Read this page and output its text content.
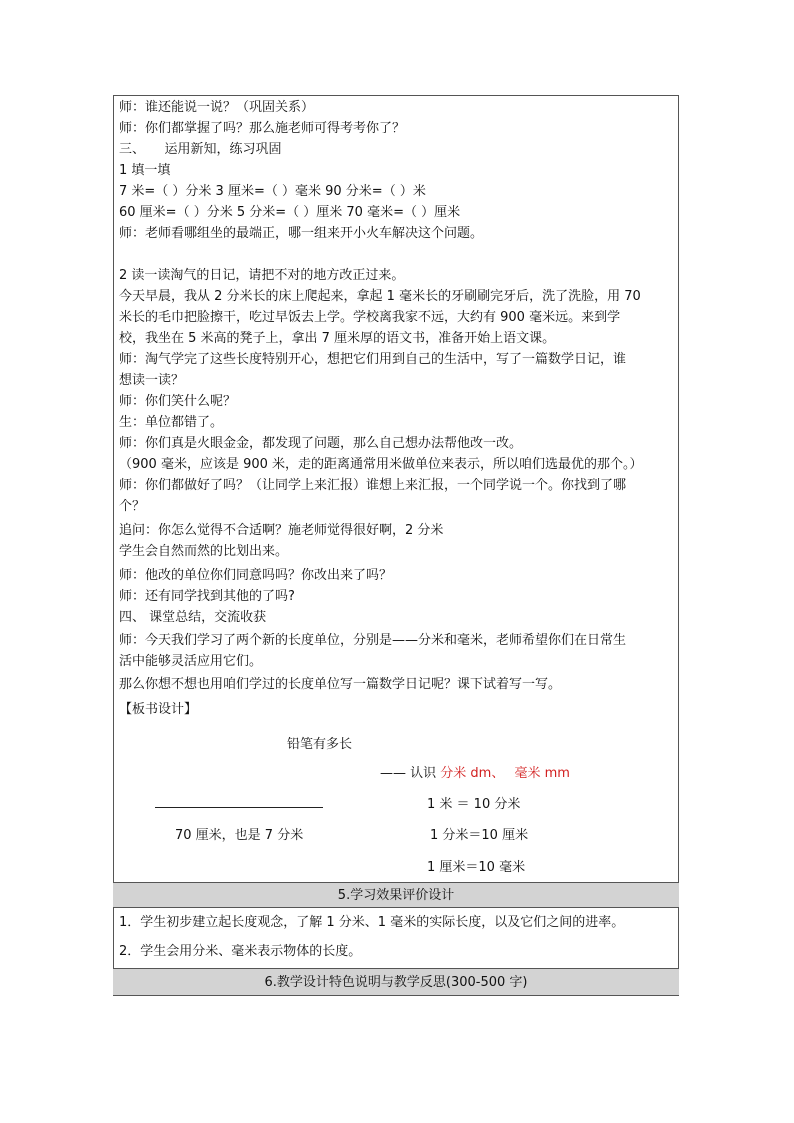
师：谁还能说一说？（巩固关系）
师：你们都掌握了吗？那么施老师可得考考你了？
三、　　运用新知，练习巩固
1 填一填
7 米=（ ）分米 3 厘米=（ ）毫米 90 分米=（ ）米
60 厘米=（ ）分米 5 分米=（ ）厘米 70 毫米=（ ）厘米
师：老师看哪组坐的最端正，哪一组来开小火车解决这个问题。
2 读一读淘气的日记，请把不对的地方改正过来。
今天早晨，我从 2 分米长的床上爬起来，拿起 1 毫米长的牙刷刷完牙后，洗了洗脸，用 70
米长的毛巾把脸擦干，吃过早饭去上学。学校离我家不远，大约有 900 毫米远。来到学
校，我坐在 5 米高的凳子上，拿出 7 厘米厚的语文书，准备开始上语文课。
师：淘气学完了这些长度特别开心，想把它们用到自己的生活中，写了一篇数学日记，谁
想读一读？
师：你们笑什么呢？
生：单位都错了。
师：你们真是火眼金金，都发现了问题，那么自己想办法帮他改一改。
（900 毫米，应该是 900 米，走的距离通常用米做单位来表示，所以咱们选最优的那个。）
师：你们都做好了吗？（让同学上来汇报）谁想上来汇报，一个同学说一个。你找到了哪
个？
追问：你怎么觉得不合适啊？施老师觉得很好啊，2 分米
学生会自然而然的比划出来。
师：他改的单位你们同意吗吗？你改出来了吗？
师：还有同学找到其他的了吗?
四、 课堂总结，交流收获
师：今天我们学习了两个新的长度单位，分别是——分米和毫米，老师希望你们在日常生
活中能够灵活应用它们。
那么你想不想也用咱们学过的长度单位写一篇数学日记呢？课下试着写一写。
【板书设计】
铅笔有多长
—— 认识 分米 dm、 毫米 mm
1 米 ＝ 10 分米
70 厘米，也是 7 分米	1 分米＝10 厘米
1 厘米＝10 毫米
5.学习效果评价设计
1．学生初步建立起长度观念，了解 1 分米、1 毫米的实际长度，以及它们之间的进率。
2．学生会用分米、毫米表示物体的长度。
6.教学设计特色说明与教学反思(300-500 字)
